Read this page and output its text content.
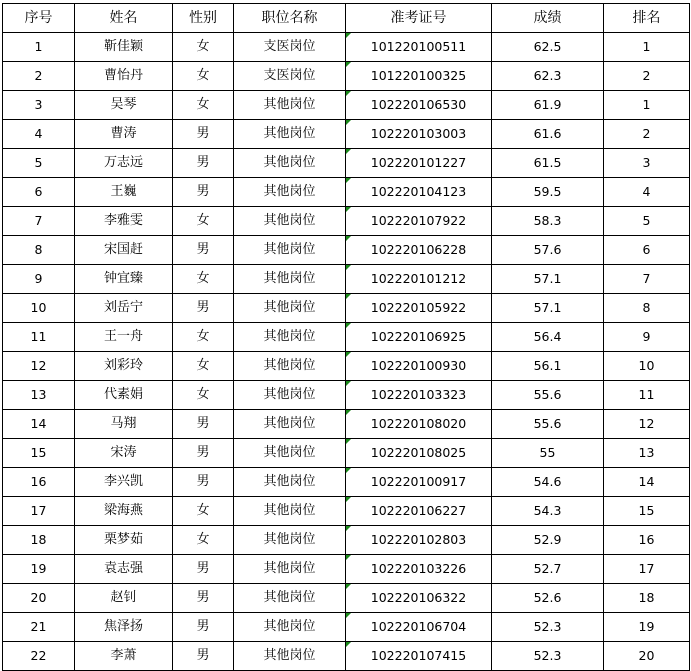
序号	姓名	性别	职位名称	准考证号	成绩	排名
1	靳佳颖	女	支医岗位	101220100511	62.5	1
2	曹怡丹	女	支医岗位	101220100325	62.3	2
3	吴琴	女	其他岗位	102220106530	61.9	1
4	曹涛	男	其他岗位	102220103003	61.6	2
5	万志远	男	其他岗位	102220101227	61.5	3
6	王巍	男	其他岗位	102220104123	59.5	4
7	李雅雯	女	其他岗位	102220107922	58.3	5
8	宋国赶	男	其他岗位	102220106228	57.6	6
9	钟宜臻	女	其他岗位	102220101212	57.1	7
10	刘岳宁	男	其他岗位	102220105922	57.1	8
11	王一舟	女	其他岗位	102220106925	56.4	9
12	刘彩玲	女	其他岗位	102220100930	56.1	10
13	代素娟	女	其他岗位	102220103323	55.6	11
14	马翔	男	其他岗位	102220108020	55.6	12
15	宋涛	男	其他岗位	102220108025	55	13
16	李兴凯	男	其他岗位	102220100917	54.6	14
17	梁海燕	女	其他岗位	102220106227	54.3	15
18	栗梦茹	女	其他岗位	102220102803	52.9	16
19	袁志强	男	其他岗位	102220103226	52.7	17
20	赵钊	男	其他岗位	102220106322	52.6	18
21	焦泽扬	男	其他岗位	102220106704	52.3	19
22	李萧	男	其他岗位	102220107415	52.3	20
